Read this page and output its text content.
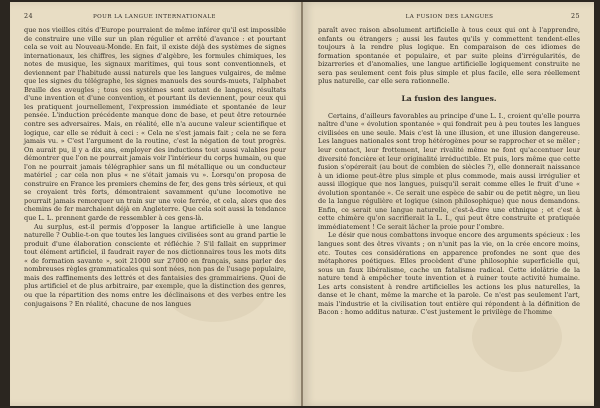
24	POUR LA LANGUE INTERNATIONALE

que nos vieilles cités d'Europe pourraient de même inférer qu'il est impossible de construire une ville sur un plan régulier et arrêté d'avance : et pourtant cela se voit au Nouveau-Monde. En fait, il existe déjà des systèmes de signes internationaux, les chiffres, les signes d'algèbre, les formules chimiques, les notes de musique, les signaux maritimes, qui tous sont conventionnels, et deviennent par l'habitude aussi naturels que les langues vulgaires, de même que les signes du télégraphe, les signes manuels des sourds-muets, l'alphabet Braille des aveugles ; tous ces systèmes sont autant de langues, résultats d'une invention et d'une convention, et pourtant ils deviennent, pour ceux qui les pratiquent journellement, l'expression immédiate et spontanée de leur pensée. L'induction précédente manque donc de base, et peut être retournée contre ses adversaires. Mais, en réalité, elle n'a aucune valeur scientifique et logique, car elle se réduit à ceci : « Cela ne s'est jamais fait ; cela ne se fera jamais vu. » C'est l'argument de la routine, c'est la négation de tout progrès. On aurait pu, il y a dix ans, employer des inductions tout aussi valables pour démontrer que l'on ne pourrait jamais voir l'intérieur du corps humain, ou que l'on ne pourrait jamais télégraphier sans un fil métallique ou un conducteur matériel ; car cela non plus « ne s'était jamais vu ». Lorsqu'on proposa de construire en France les premiers chemins de fer, des gens très sérieux, et qui se croyaient très forts, démontraient savamment qu'une locomotive ne pourrait jamais remorquer un train sur une voie ferrée, et cela, alors que des chemins de fer marchaient déjà en Angleterre. Que cela soit aussi la tendance que L. L. prennent garde de ressembler à ces gens-là.

Au surplus, est-il permis d'opposer la langue artificielle à une langue naturelle ? Oublie-t-on que toutes les langues civilisées sont au grand partie le produit d'une élaboration consciente et réfléchie ? S'il fallait en supprimer tout élément artificiel, il faudrait rayer de nos dictionnaires tous les mots dits « de formation savante », soit 21000 sur 27000 en français, sans parler des nombreuses règles grammaticales qui sont nées, non pas de l'usage populaire, mais des raffinements des lettrés et des fantaisies des grammairiens. Quoi de plus artificiel et de plus arbitraire, par exemple, que la distinction des genres, ou que la répartition des noms entre les déclinaisons et des verbes entre les conjugaisons ? En réalité, chacune de nos langues

LA FUSION DES LANGUES	25

paraît avec raison absolument artificielle à tous ceux qui ont à l'apprendre, enfants ou étrangers ; aussi les fautes qu'ils y commettent tendent-elles toujours à la rendre plus logique. En comparaison de ces idiomes de formation spontanée et populaire, et par suite pleins d'irrégularités, de bizarreries et d'anomalies, une langue artificielle logiquement construite ne sera pas seulement cent fois plus simple et plus facile, elle sera réellement plus naturelle, car elle sera rationnelle.

La fusion des langues.

Certains, d'ailleurs favorables au principe d'une L. I., croient qu'elle pourra naître d'une « évolution spontanée » qui fondrait peu à peu toutes les langues civilisées en une seule. Mais c'est là une illusion, et une illusion dangereuse. Les langues nationales sont trop hétérogènes pour se rapprocher et se mêler ; leur contact, leur frottement, leur rivalité même ne font qu'accentuer leur diversité foncière et leur originalité irréductible. Et puis, lors même que cette fusion s'opérerait (au bout de combien de siècles ?), elle donnerait naissance à un idiome peut-être plus simple et plus commode, mais aussi irrégulier et aussi illogique que nos langues, puisqu'il serait comme elles le fruit d'une « évolution spontanée ». Ce serait une espèce de sabir ou de petit nègre, un lieu de la langue régulière et logique (sinon philosophique) que nous demandons. Enfin, ce serait une langue naturelle, c'est-à-dire une ethnique ; et c'est à cette chimère qu'on sacrifierait la L. I., qui peut être construite et pratiquée immédiatement ! Ce serait lâcher la proie pour l'ombre.

Le désir que nous combattons invoque encore des arguments spécieux : les langues sont des êtres vivants ; on n'unit pas la vie, on la crée encore moins, etc. Toutes ces considérations en apparence profondes ne sont que des métaphores poétiques. Elles procèdent d'une philosophie superficielle qui, sous un faux libéralisme, cache un fatalisme radical. Cette idolâtrie de la nature tend à empêcher toute invention et à ruiner toute activité humaine. Les arts consistent à rendre artificielles les actions les plus naturelles, la danse et le chant, même la marche et la parole. Ce n'est pas seulement l'art, mais l'industrie et la civilisation tout entière qui répondent à la définition de Bacon : homo additus naturæ. C'est justement le privilège de l'homme
